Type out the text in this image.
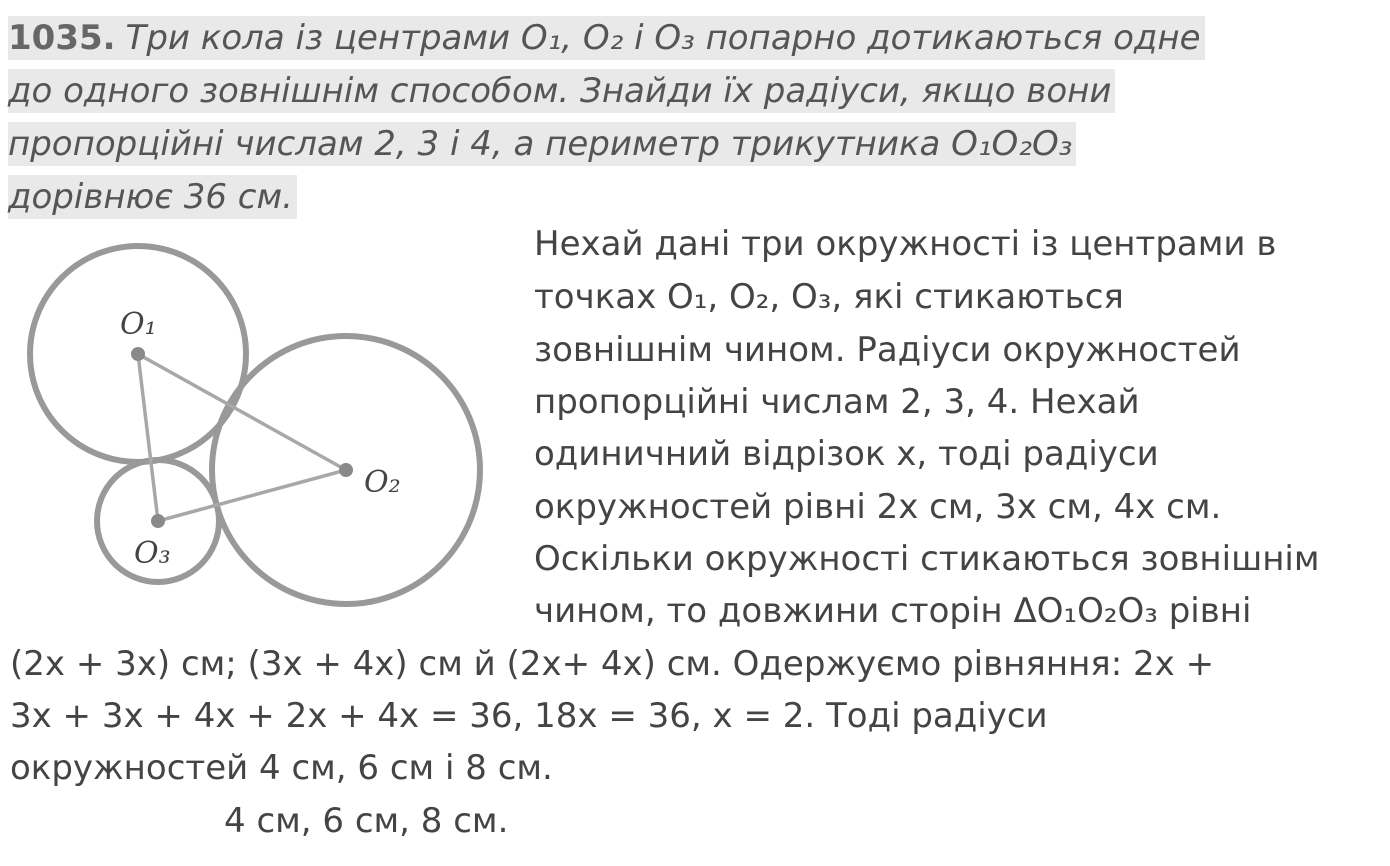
1035. Три кола із центрами O₁, O₂ і O₃ попарно дотикаються одне
до одного зовнішнім способом. Знайди їх радіуси, якщо вони
пропорційні числам 2, 3 і 4, а периметр трикутника O₁O₂O₃
дорівнює 36 см.
O₁
O₂
O₃
Нехай дані три окружності із центрами в
точках O₁, O₂, O₃, які стикаються
зовнішнім чином. Радіуси окружностей
пропорційні числам 2, 3, 4. Нехай
одиничний відрізок х, тоді радіуси
окружностей рівні 2х см, 3х см, 4х см.
Оскільки окружності стикаються зовнішнім
чином, то довжини сторін ΔO₁O₂O₃ рівні
(2х + 3х) см; (3х + 4х) см й (2х+ 4х) см. Одержуємо рівняння: 2х +
3х + 3х + 4х + 2х + 4х = 36, 18х = 36, х = 2. Тоді радіуси
окружностей 4 см, 6 см і 8 см.
4 см, 6 см, 8 см.
